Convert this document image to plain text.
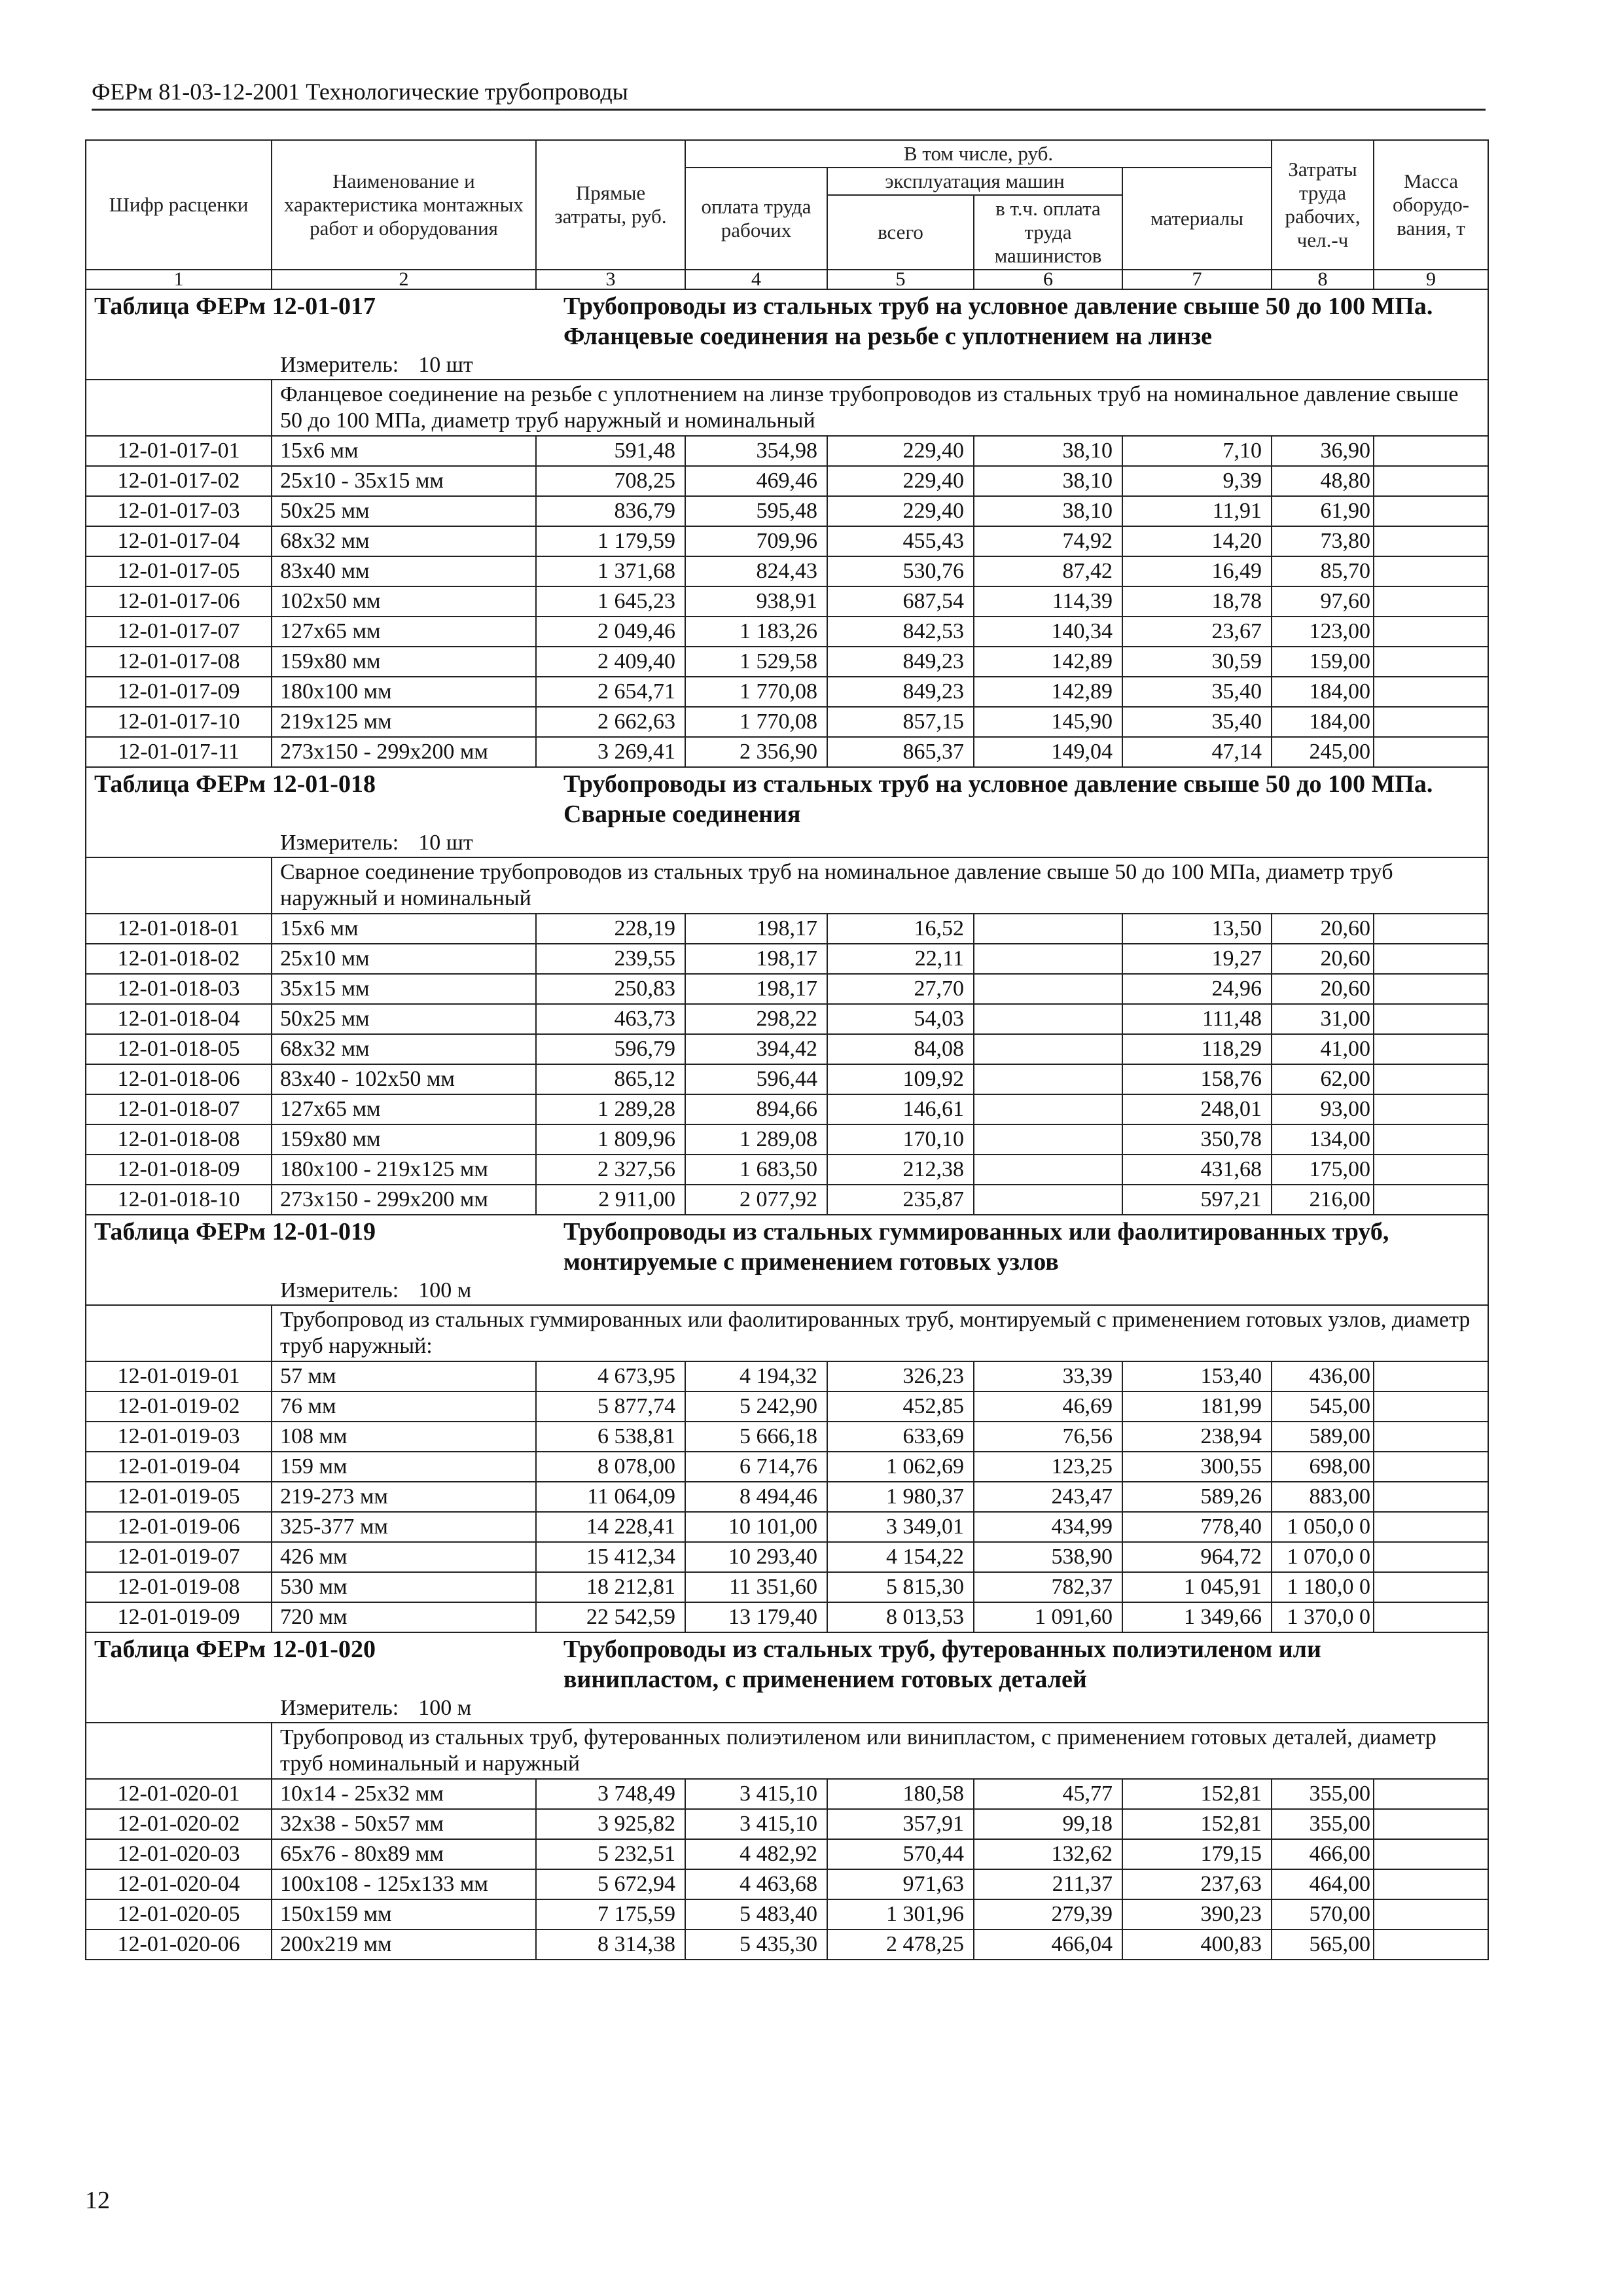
ФЕРм 81-03-12-2001 Технологические трубопроводы
Шифр расценки	Наименование и характеристика монтажных работ и оборудования	Прямые затраты, руб.	В том числе, руб.				Затраты труда рабочих, чел.-ч	Масса оборудо-вания, т
			оплата труда рабочих	эксплуатация машин		материалы		
				всего	в т.ч. оплата труда машинистов			
1	2	3	4	5	6	7	8	9
Таблица ФЕРм 12-01-017		Трубопроводы из стальных труб на условное давление свыше 50 до 100 МПа. Фланцевые соединения на резьбе с уплотнением на линзе						
Измеритель: 10 шт								
	Фланцевое соединение на резьбе с уплотнением на линзе трубопроводов из стальных труб на номинальное давление свыше 50 до 100 МПа, диаметр труб наружный и номинальный							
12-01-017-01	15х6 мм	591,48	354,98	229,40	38,10	7,10	36,90	
12-01-017-02	25х10 - 35х15 мм	708,25	469,46	229,40	38,10	9,39	48,80	
12-01-017-03	50х25 мм	836,79	595,48	229,40	38,10	11,91	61,90	
12-01-017-04	68х32 мм	1 179,59	709,96	455,43	74,92	14,20	73,80	
12-01-017-05	83х40 мм	1 371,68	824,43	530,76	87,42	16,49	85,70	
12-01-017-06	102х50 мм	1 645,23	938,91	687,54	114,39	18,78	97,60	
12-01-017-07	127х65 мм	2 049,46	1 183,26	842,53	140,34	23,67	123,00	
12-01-017-08	159х80 мм	2 409,40	1 529,58	849,23	142,89	30,59	159,00	
12-01-017-09	180х100 мм	2 654,71	1 770,08	849,23	142,89	35,40	184,00	
12-01-017-10	219х125 мм	2 662,63	1 770,08	857,15	145,90	35,40	184,00	
12-01-017-11	273х150 - 299х200 мм	3 269,41	2 356,90	865,37	149,04	47,14	245,00	
Таблица ФЕРм 12-01-018		Трубопроводы из стальных труб на условное давление свыше 50 до 100 МПа. Сварные соединения						
Измеритель: 10 шт								
	Сварное соединение трубопроводов из стальных труб на номинальное давление свыше 50 до 100 МПа, диаметр труб наружный и номинальный							
12-01-018-01	15х6 мм	228,19	198,17	16,52		13,50	20,60	
12-01-018-02	25х10 мм	239,55	198,17	22,11		19,27	20,60	
12-01-018-03	35х15 мм	250,83	198,17	27,70		24,96	20,60	
12-01-018-04	50х25 мм	463,73	298,22	54,03		111,48	31,00	
12-01-018-05	68х32 мм	596,79	394,42	84,08		118,29	41,00	
12-01-018-06	83х40 - 102х50 мм	865,12	596,44	109,92		158,76	62,00	
12-01-018-07	127х65 мм	1 289,28	894,66	146,61		248,01	93,00	
12-01-018-08	159х80 мм	1 809,96	1 289,08	170,10		350,78	134,00	
12-01-018-09	180х100 - 219х125 мм	2 327,56	1 683,50	212,38		431,68	175,00	
12-01-018-10	273х150 - 299х200 мм	2 911,00	2 077,92	235,87		597,21	216,00	
Таблица ФЕРм 12-01-019		Трубопроводы из стальных гуммированных или фаолитированных труб, монтируемые с применением готовых узлов						
Измеритель: 100 м								
	Трубопровод из стальных гуммированных или фаолитированных труб, монтируемый с применением готовых узлов, диаметр труб наружный:							
12-01-019-01	57 мм	4 673,95	4 194,32	326,23	33,39	153,40	436,00	
12-01-019-02	76 мм	5 877,74	5 242,90	452,85	46,69	181,99	545,00	
12-01-019-03	108 мм	6 538,81	5 666,18	633,69	76,56	238,94	589,00	
12-01-019-04	159 мм	8 078,00	6 714,76	1 062,69	123,25	300,55	698,00	
12-01-019-05	219-273 мм	11 064,09	8 494,46	1 980,37	243,47	589,26	883,00	
12-01-019-06	325-377 мм	14 228,41	10 101,00	3 349,01	434,99	778,40	1 050,0 0	
12-01-019-07	426 мм	15 412,34	10 293,40	4 154,22	538,90	964,72	1 070,0 0	
12-01-019-08	530 мм	18 212,81	11 351,60	5 815,30	782,37	1 045,91	1 180,0 0	
12-01-019-09	720 мм	22 542,59	13 179,40	8 013,53	1 091,60	1 349,66	1 370,0 0	
Таблица ФЕРм 12-01-020		Трубопроводы из стальных труб, футерованных полиэтиленом или винипластом, с применением готовых деталей						
Измеритель: 100 м								
	Трубопровод из стальных труб, футерованных полиэтиленом или винипластом, с применением готовых деталей, диаметр труб номинальный и наружный							
12-01-020-01	10х14 - 25х32 мм	3 748,49	3 415,10	180,58	45,77	152,81	355,00	
12-01-020-02	32х38 - 50х57 мм	3 925,82	3 415,10	357,91	99,18	152,81	355,00	
12-01-020-03	65х76 - 80х89 мм	5 232,51	4 482,92	570,44	132,62	179,15	466,00	
12-01-020-04	100х108 - 125х133 мм	5 672,94	4 463,68	971,63	211,37	237,63	464,00	
12-01-020-05	150х159 мм	7 175,59	5 483,40	1 301,96	279,39	390,23	570,00	
12-01-020-06	200х219 мм	8 314,38	5 435,30	2 478,25	466,04	400,83	565,00	
12
